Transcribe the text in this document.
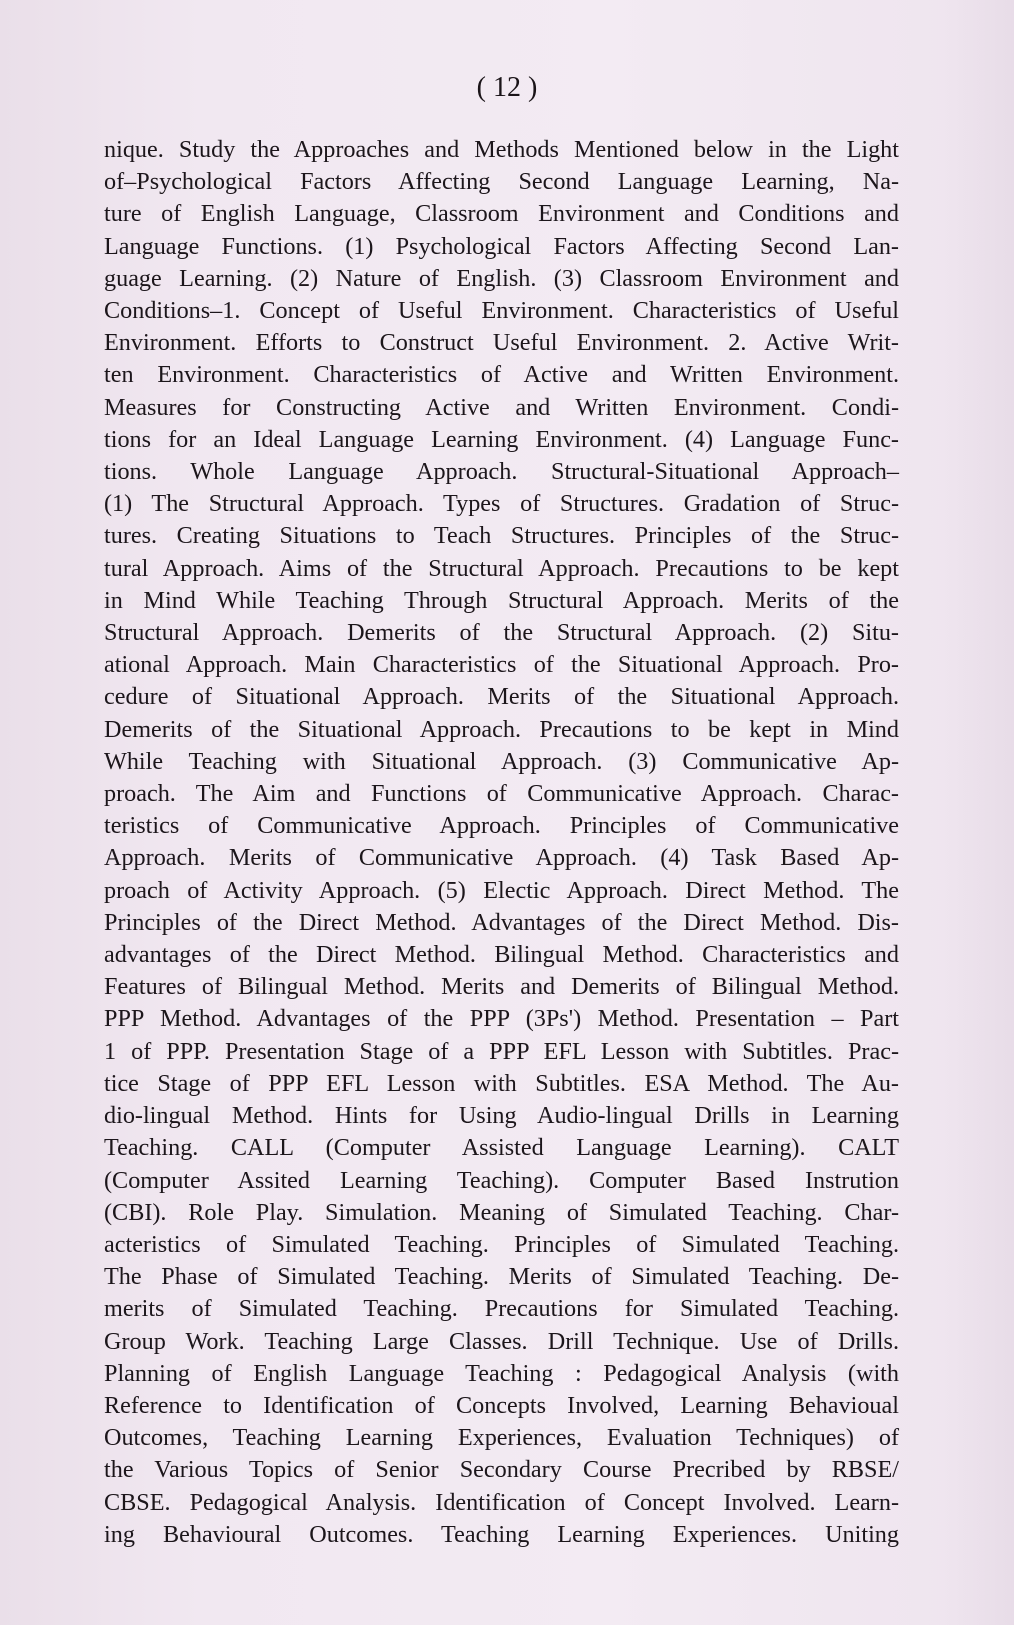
( 12 )
nique. Study the Approaches and Methods Mentioned below in the Light
of–Psychological Factors Affecting Second Language Learning, Na-
ture of English Language, Classroom Environment and Conditions and
Language Functions. (1) Psychological Factors Affecting Second Lan-
guage Learning. (2) Nature of English. (3) Classroom Environment and
Conditions–1. Concept of Useful Environment. Characteristics of Useful
Environment. Efforts to Construct Useful Environment. 2. Active Writ-
ten Environment. Characteristics of Active and Written Environment.
Measures for Constructing Active and Written Environment. Condi-
tions for an Ideal Language Learning Environment. (4) Language Func-
tions. Whole Language Approach. Structural-Situational Approach–
(1) The Structural Approach. Types of Structures. Gradation of Struc-
tures. Creating Situations to Teach Structures. Principles of the Struc-
tural Approach. Aims of the Structural Approach. Precautions to be kept
in Mind While Teaching Through Structural Approach. Merits of the
Structural Approach. Demerits of the Structural Approach. (2) Situ-
ational Approach. Main Characteristics of the Situational Approach. Pro-
cedure of Situational Approach. Merits of the Situational Approach.
Demerits of the Situational Approach. Precautions to be kept in Mind
While Teaching with Situational Approach. (3) Communicative Ap-
proach. The Aim and Functions of Communicative Approach. Charac-
teristics of Communicative Approach. Principles of Communicative
Approach. Merits of Communicative Approach. (4) Task Based Ap-
proach of Activity Approach. (5) Electic Approach. Direct Method. The
Principles of the Direct Method. Advantages of the Direct Method. Dis-
advantages of the Direct Method. Bilingual Method. Characteristics and
Features of Bilingual Method. Merits and Demerits of Bilingual Method.
PPP Method. Advantages of the PPP (3Ps') Method. Presentation – Part
1 of PPP. Presentation Stage of a PPP EFL Lesson with Subtitles. Prac-
tice Stage of PPP EFL Lesson with Subtitles. ESA Method. The Au-
dio-lingual Method. Hints for Using Audio-lingual Drills in Learning
Teaching. CALL (Computer Assisted Language Learning). CALT
(Computer Assited Learning Teaching). Computer Based Instrution
(CBI). Role Play. Simulation. Meaning of Simulated Teaching. Char-
acteristics of Simulated Teaching. Principles of Simulated Teaching.
The Phase of Simulated Teaching. Merits of Simulated Teaching. De-
merits of Simulated Teaching. Precautions for Simulated Teaching.
Group Work. Teaching Large Classes. Drill Technique. Use of Drills.
Planning of English Language Teaching : Pedagogical Analysis (with
Reference to Identification of Concepts Involved, Learning Behavioual
Outcomes, Teaching Learning Experiences, Evaluation Techniques) of
the Various Topics of Senior Secondary Course Precribed by RBSE/
CBSE. Pedagogical Analysis. Identification of Concept Involved. Learn-
ing Behavioural Outcomes. Teaching Learning Experiences. Uniting
